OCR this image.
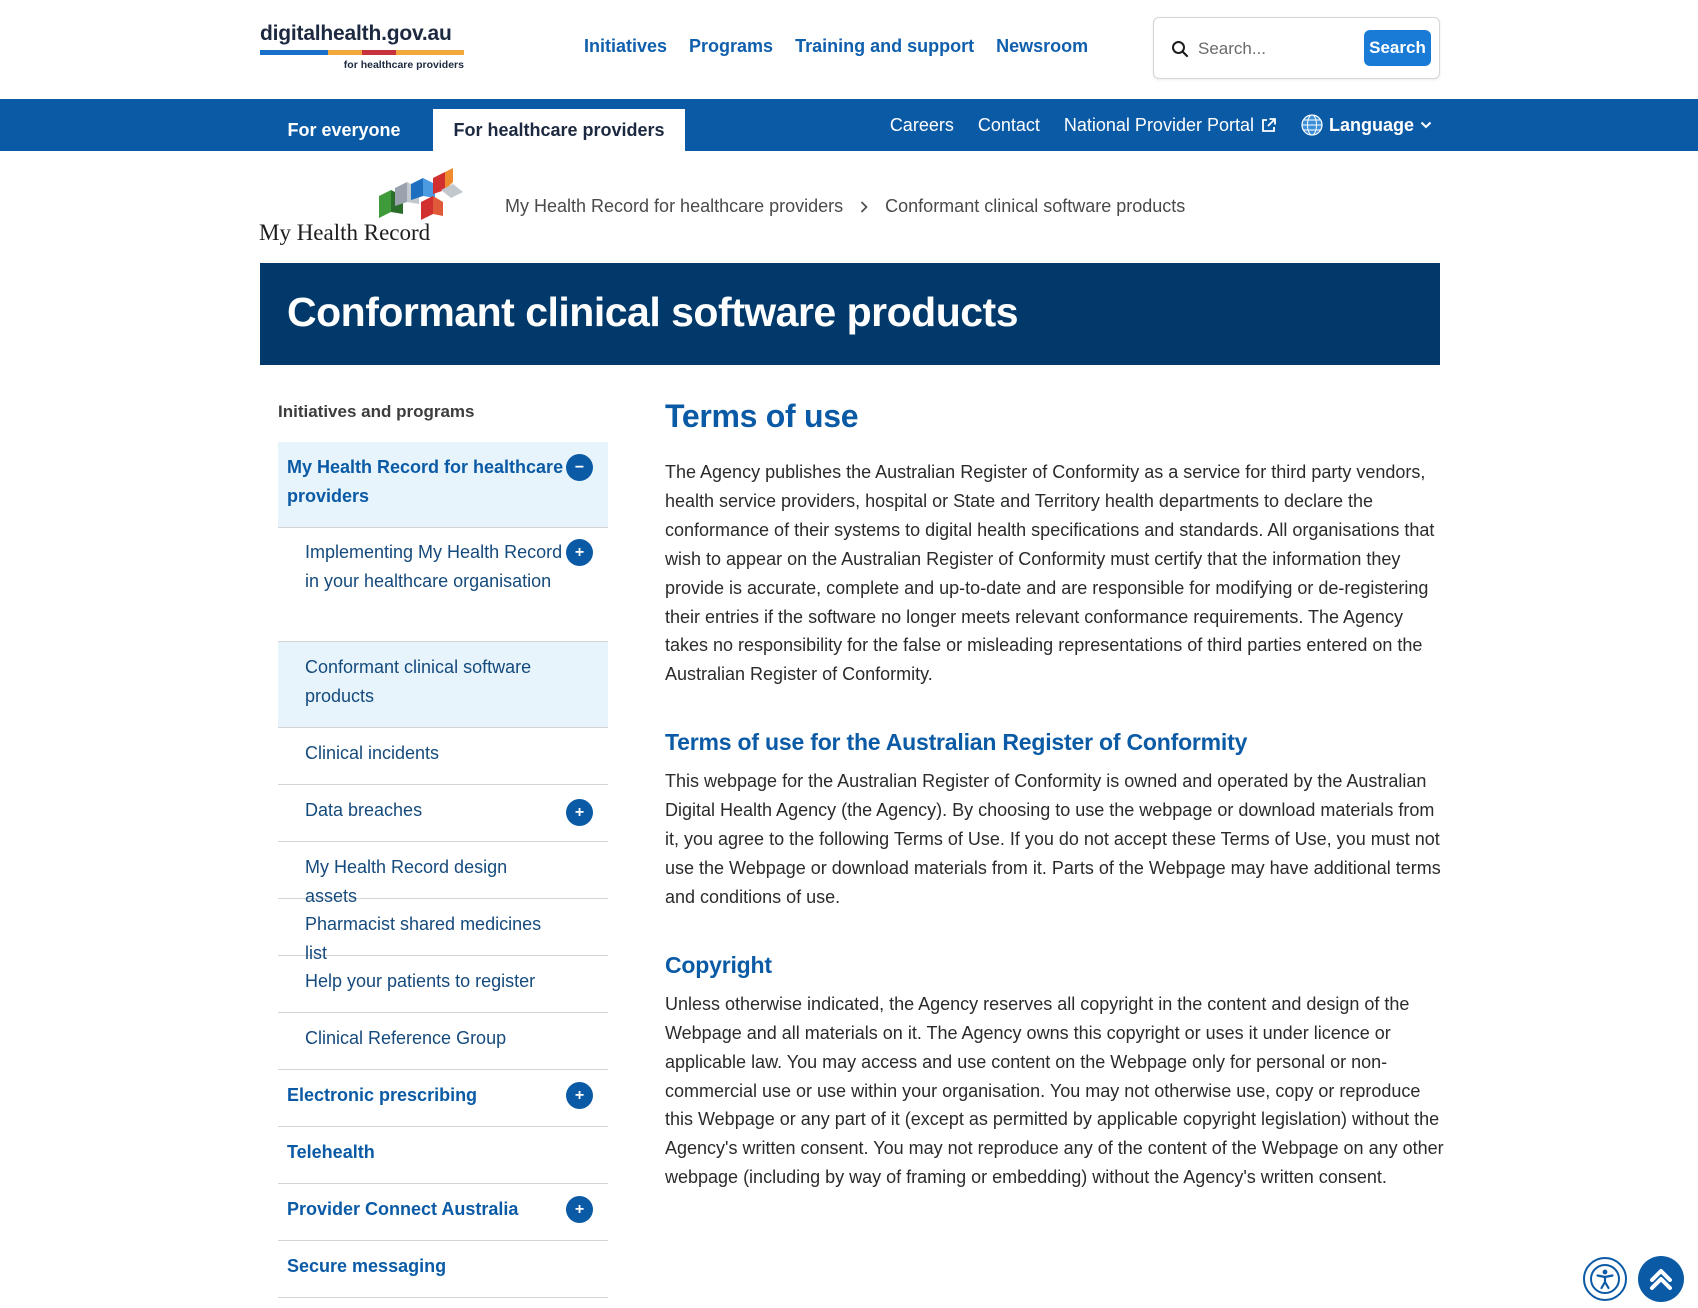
digitalhealth.gov.au
for healthcare providers
Initiatives Programs Training and support Newsroom
Search...	Search
For everyone	For healthcare providers	Careers Contact National Provider Portal	Language
My Health Record
My Health Record for healthcare providers Conformant clinical software products
Conformant clinical software products
Initiatives and programs
My Health Record for healthcare providers
−
Implementing My Health Record in your healthcare organisation
+
Conformant clinical software products
Clinical incidents
Data breaches	+
My Health Record design assets
Pharmacist shared medicines list
Help your patients to register
Clinical Reference Group
Electronic prescribing	+
Telehealth
Provider Connect Australia	+
Secure messaging
Terms of use

The Agency publishes the Australian Register of Conformity as a service for third party vendors, health service providers, hospital or State and Territory health departments to declare the conformance of their systems to digital health specifications and standards. All organisations that wish to appear on the Australian Register of Conformity must certify that the information they provide is accurate, complete and up-to-date and are responsible for modifying or de-registering their entries if the software no longer meets relevant conformance requirements. The Agency takes no responsibility for the false or misleading representations of third parties entered on the Australian Register of Conformity.

Terms of use for the Australian Register of Conformity

This webpage for the Australian Register of Conformity is owned and operated by the Australian Digital Health Agency (the Agency). By choosing to use the webpage or download materials from it, you agree to the following Terms of Use. If you do not accept these Terms of Use, you must not use the Webpage or download materials from it. Parts of the Webpage may have additional terms and conditions of use.

Copyright

Unless otherwise indicated, the Agency reserves all copyright in the content and design of the Webpage and all materials on it. The Agency owns this copyright or uses it under licence or applicable law. You may access and use content on the Webpage only for personal or non-commercial use or use within your organisation. You may not otherwise use, copy or reproduce this Webpage or any part of it (except as permitted by applicable copyright legislation) without the Agency's written consent. You may not reproduce any of the content of the Webpage on any other webpage (including by way of framing or embedding) without the Agency's written consent.
